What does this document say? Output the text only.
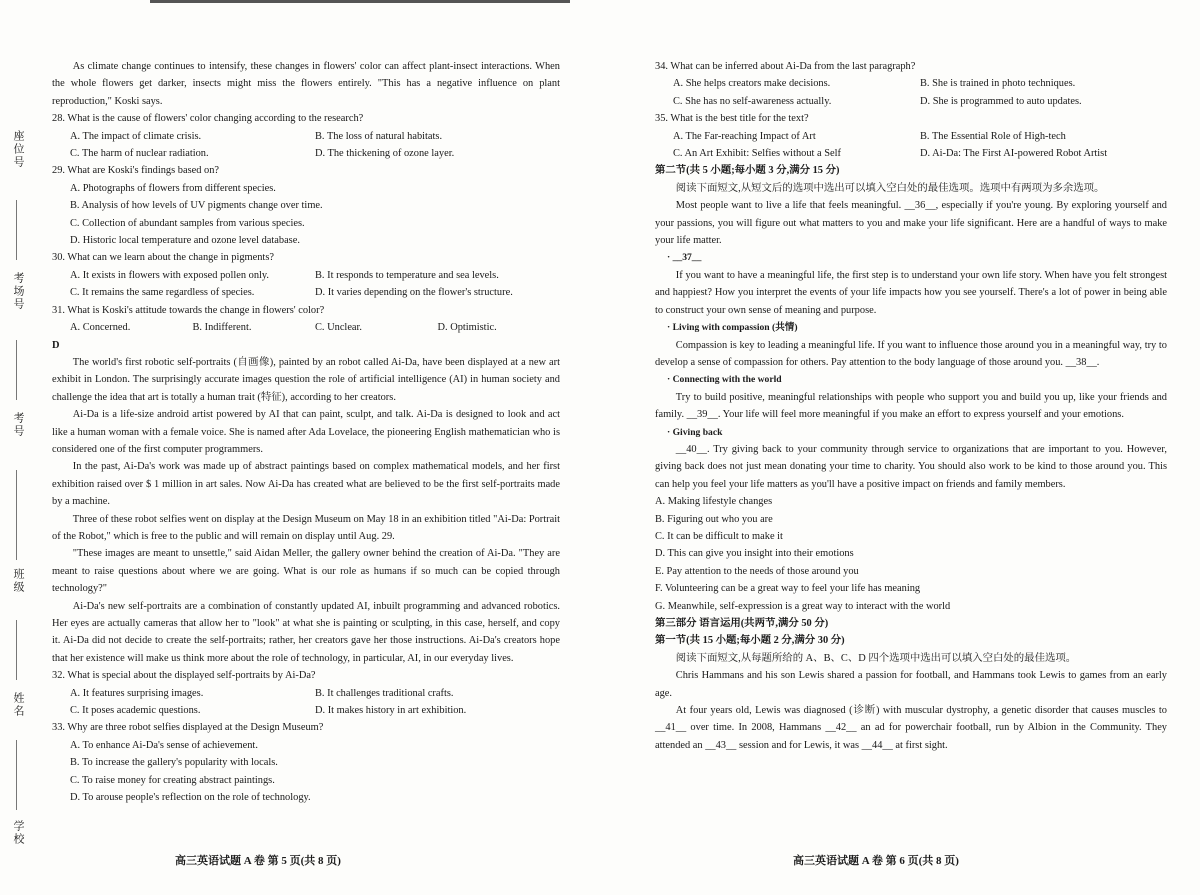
座位号
考场号
考号
班级
姓名
学校

As climate change continues to intensify, these changes in flowers' color can affect plant-insect interactions. When the whole flowers get darker, insects might miss the flowers entirely. "This has a negative influence on plant reproduction," Koski says.

28. What is the cause of flowers' color changing according to the research?

A. The impact of climate crisis.	B. The loss of natural habitats.
C. The harm of nuclear radiation.	D. The thickening of ozone layer.

29. What are Koski's findings based on?

A. Photographs of flowers from different species.
B. Analysis of how levels of UV pigments change over time.
C. Collection of abundant samples from various species.
D. Historic local temperature and ozone level database.

30. What can we learn about the change in pigments?

A. It exists in flowers with exposed pollen only.	B. It responds to temperature and sea levels.
C. It remains the same regardless of species.	D. It varies depending on the flower's structure.

31. What is Koski's attitude towards the change in flowers' color?

A. Concerned.	B. Indifferent.	C. Unclear.	D. Optimistic.

D

The world's first robotic self-portraits (自画像), painted by an robot called Ai-Da, have been displayed at a new art exhibit in London. The surprisingly accurate images question the role of artificial intelligence (AI) in human society and challenge the idea that art is totally a human trait (特征), according to her creators.

Ai-Da is a life-size android artist powered by AI that can paint, sculpt, and talk. Ai-Da is designed to look and act like a human woman with a female voice. She is named after Ada Lovelace, the pioneering English mathematician who is considered one of the first computer programmers.

In the past, Ai-Da's work was made up of abstract paintings based on complex mathematical models, and her first exhibition raised over $ 1 million in art sales. Now Ai-Da has created what are believed to be the first self-portraits made by a machine.

Three of these robot selfies went on display at the Design Museum on May 18 in an exhibition titled "Ai-Da: Portrait of the Robot," which is free to the public and will remain on display until Aug. 29.

"These images are meant to unsettle," said Aidan Meller, the gallery owner behind the creation of Ai-Da. "They are meant to raise questions about where we are going. What is our role as humans if so much can be copied through technology?"

Ai-Da's new self-portraits are a combination of constantly updated AI, inbuilt programming and advanced robotics. Her eyes are actually cameras that allow her to "look" at what she is painting or sculpting, in this case, herself, and copy it. Ai-Da did not decide to create the self-portraits; rather, her creators gave her those instructions. Ai-Da's creators hope that her existence will make us think more about the role of technology, in particular, AI, in our everyday lives.

32. What is special about the displayed self-portraits by Ai-Da?

A. It features surprising images.	B. It challenges traditional crafts.
C. It poses academic questions.	D. It makes history in art exhibition.

33. Why are three robot selfies displayed at the Design Museum?

A. To enhance Ai-Da's sense of achievement.
B. To increase the gallery's popularity with locals.
C. To raise money for creating abstract paintings.
D. To arouse people's reflection on the role of technology.
高三英语试题 A 卷 第 5 页(共 8 页)

34. What can be inferred about Ai-Da from the last paragraph?

A. She helps creators make decisions.	B. She is trained in photo techniques.
C. She has no self-awareness actually.	D. She is programmed to auto updates.

35. What is the best title for the text?

A. The Far-reaching Impact of Art	B. The Essential Role of High-tech
C. An Art Exhibit: Selfies without a Self	D. Ai-Da: The First AI-powered Robot Artist

第二节(共 5 小题;每小题 3 分,满分 15 分)

阅读下面短文,从短文后的选项中选出可以填入空白处的最佳选项。选项中有两项为多余选项。

Most people want to live a life that feels meaningful. __36__, especially if you're young. By exploring yourself and your passions, you will figure out what matters to you and make your life significant. Here are a handful of ways to make your life matter.

· __37__

If you want to have a meaningful life, the first step is to understand your own life story. When have you felt strongest and happiest? How you interpret the events of your life impacts how you see yourself. There's a lot of power in being able to construct your own sense of meaning and purpose.

· Living with compassion (共情)

Compassion is key to leading a meaningful life. If you want to influence those around you in a meaningful way, try to develop a sense of compassion for others. Pay attention to the body language of those around you. __38__.

· Connecting with the world

Try to build positive, meaningful relationships with people who support you and build you up, like your friends and family. __39__. Your life will feel more meaningful if you make an effort to express yourself and your emotions.

· Giving back

__40__. Try giving back to your community through service to organizations that are important to you. However, giving back does not just mean donating your time to charity. You should also work to be kind to those around you. This can help you feel your life matters as you'll have a positive impact on friends and family members.

A. Making lifestyle changes
B. Figuring out who you are
C. It can be difficult to make it
D. This can give you insight into their emotions
E. Pay attention to the needs of those around you
F. Volunteering can be a great way to feel your life has meaning
G. Meanwhile, self-expression is a great way to interact with the world

第三部分 语言运用(共两节,满分 50 分)

第一节(共 15 小题;每小题 2 分,满分 30 分)

阅读下面短文,从每题所给的 A、B、C、D 四个选项中选出可以填入空白处的最佳选项。

Chris Hammans and his son Lewis shared a passion for football, and Hammans took Lewis to games from an early age.

At four years old, Lewis was diagnosed (诊断) with muscular dystrophy, a genetic disorder that causes muscles to __41__ over time. In 2008, Hammans __42__ an ad for powerchair football, run by Albion in the Community. They attended an __43__ session and for Lewis, it was __44__ at first sight.

高三英语试题 A 卷 第 6 页(共 8 页)
